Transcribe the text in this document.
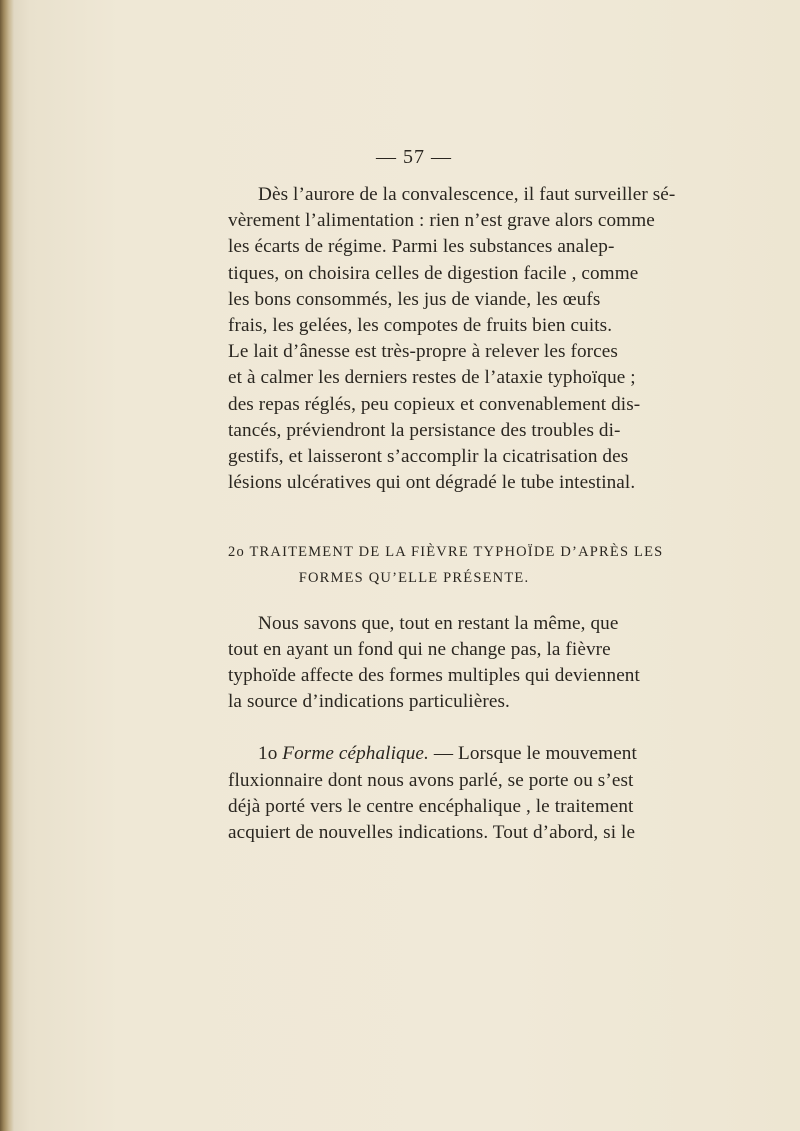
— 57 —
Dès l’aurore de la convalescence, il faut surveiller sé-
vèrement l’alimentation : rien n’est grave alors comme
les écarts de régime. Parmi les substances analep-
tiques, on choisira celles de digestion facile , comme
les bons consommés, les jus de viande, les œufs
frais, les gelées, les compotes de fruits bien cuits.
Le lait d’ânesse est très-propre à relever les forces
et à calmer les derniers restes de l’ataxie typhoïque ;
des repas réglés, peu copieux et convenablement dis-
tancés, préviendront la persistance des troubles di-
gestifs, et laisseront s’accomplir la cicatrisation des
lésions ulcératives qui ont dégradé le tube intestinal.
2o TRAITEMENT DE LA FIÈVRE TYPHOÏDE D’APRÈS LES
FORMES QU’ELLE PRÉSENTE.
Nous savons que, tout en restant la même, que
tout en ayant un fond qui ne change pas, la fièvre
typhoïde affecte des formes multiples qui deviennent
la source d’indications particulières.
1o Forme céphalique. — Lorsque le mouvement
fluxionnaire dont nous avons parlé, se porte ou s’est
déjà porté vers le centre encéphalique , le traitement
acquiert de nouvelles indications. Tout d’abord, si le
